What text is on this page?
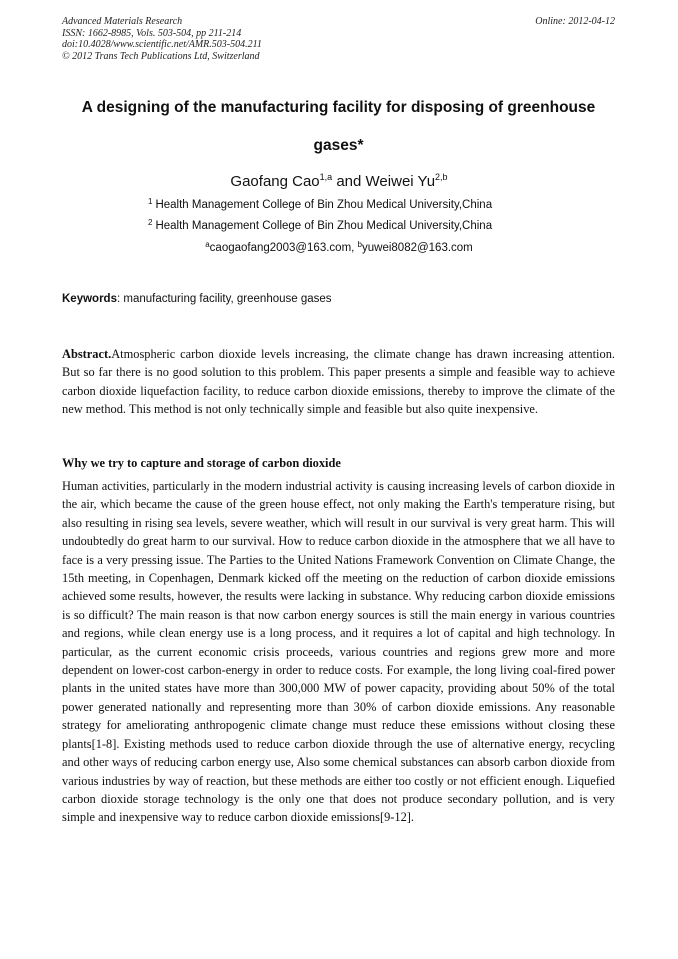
Advanced Materials Research
ISSN: 1662-8985, Vols. 503-504, pp 211-214
doi:10.4028/www.scientific.net/AMR.503-504.211
© 2012 Trans Tech Publications Ltd, Switzerland
Online: 2012-04-12
A designing of the manufacturing facility for disposing of greenhouse gases*
Gaofang Cao$^{1,a}$ and Weiwei Yu$^{2,b}$
$^1$ Health Management College of Bin Zhou Medical University,China
$^2$ Health Management College of Bin Zhou Medical University,China
$^a$caogaofang2003@163.com, $^b$yuwei8082@163.com
Keywords: manufacturing facility, greenhouse gases
Abstract.Atmospheric carbon dioxide levels increasing, the climate change has drawn increasing attention. But so far there is no good solution to this problem. This paper presents a simple and feasible way to achieve carbon dioxide liquefaction facility, to reduce carbon dioxide emissions, thereby to improve the climate of the new method. This method is not only technically simple and feasible but also quite inexpensive.
Why we try to capture and storage of carbon dioxide
Human activities, particularly in the modern industrial activity is causing increasing levels of carbon dioxide in the air, which became the cause of the green house effect, not only making the Earth's temperature rising, but also resulting in rising sea levels, severe weather, which will result in our survival is very great harm. This will undoubtedly do great harm to our survival. How to reduce carbon dioxide in the atmosphere that we all have to face is a very pressing issue. The Parties to the United Nations Framework Convention on Climate Change, the 15th meeting, in Copenhagen, Denmark kicked off the meeting on the reduction of carbon dioxide emissions achieved some results, however, the results were lacking in substance. Why reducing carbon dioxide emissions is so difficult? The main reason is that now carbon energy sources is still the main energy in various countries and regions, while clean energy use is a long process, and it requires a lot of capital and high technology. In particular, as the current economic crisis proceeds, various countries and regions grew more and more dependent on lower-cost carbon-energy in order to reduce costs. For example, the long living coal-fired power plants in the united states have more than 300,000 MW of power capacity, providing about 50% of the total power generated nationally and representing more than 30% of carbon dioxide emissions. Any reasonable strategy for ameliorating anthropogenic climate change must reduce these emissions without closing these plants[1-8]. Existing methods used to reduce carbon dioxide through the use of alternative energy, recycling and other ways of reducing carbon energy use, Also some chemical substances can absorb carbon dioxide from various industries by way of reaction, but these methods are either too costly or not efficient enough. Liquefied carbon dioxide storage technology is the only one that does not produce secondary pollution, and is very simple and inexpensive way to reduce carbon dioxide emissions[9-12].
